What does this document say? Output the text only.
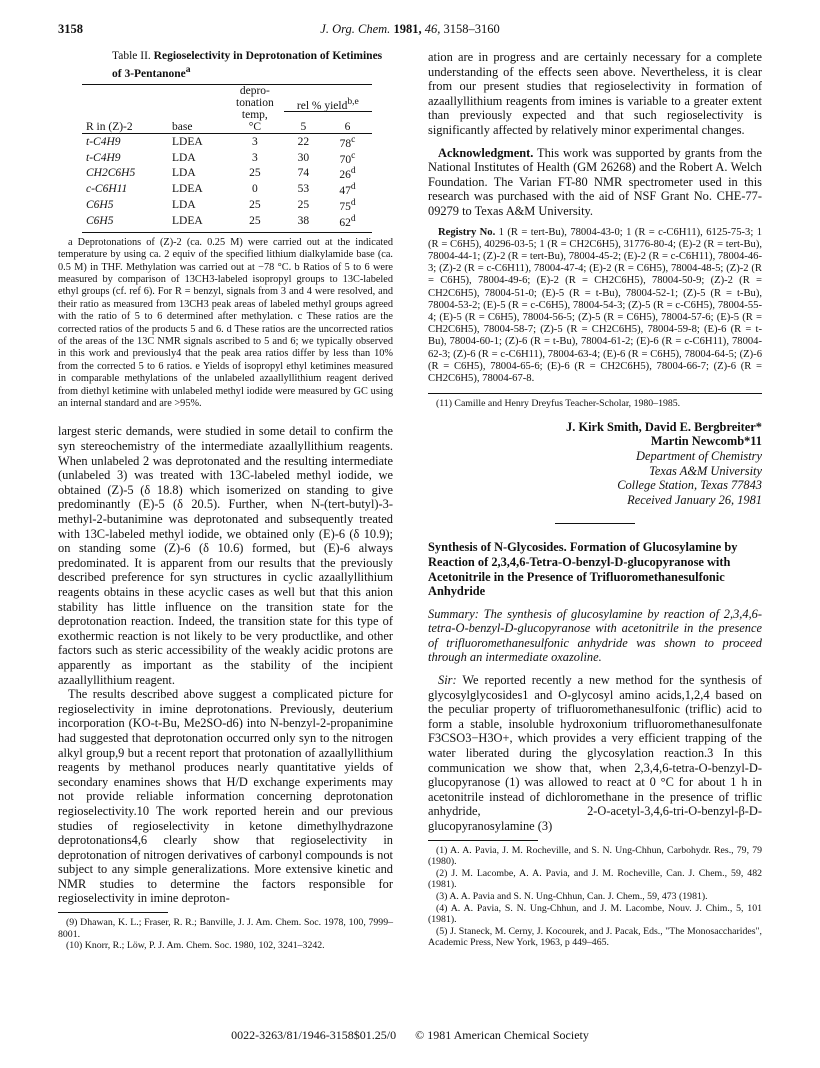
3158	J. Org. Chem. 1981, 46, 3158–3160
Table II. Regioselectivity in Deprotonation of Ketimines of 3-Pentanone$^a$
R in (Z)-2	base	depro-
tonation
temp,
°C	rel % yield$^{b,e}$
			5	6
t-C4H9	LDEA	3	22	78$^c$
t-C4H9	LDA	3	30	70$^c$
CH2C6H5	LDA	25	74	26$^d$
c-C6H11	LDEA	0	53	47$^d$
C6H5	LDA	25	25	75$^d$
C6H5	LDEA	25	38	62$^d$

a Deprotonations of (Z)-2 (ca. 0.25 M) were carried out at the indicated temperature by using ca. 2 equiv of the specified lithium dialkylamide base (ca. 0.5 M) in THF. Methylation was carried out at −78 °C. b Ratios of 5 to 6 were measured by comparison of 13CH3-labeled isopropyl groups to 13C-labeled ethyl groups (cf. ref 6). For R = benzyl, signals from 3 and 4 were resolved, and their ratio as measured from 13CH3 peak areas of labeled methyl groups agreed with the ratio of 5 to 6 determined after methylation. c These ratios are the corrected ratios of the products 5 and 6. d These ratios are the uncorrected ratios of the areas of the 13C NMR signals ascribed to 5 and 6; we typically observed in this work and previously4 that the peak area ratios differ by less than 10% from the corrected 5 to 6 ratios. e Yields of isopropyl ethyl ketimines measured in comparable methylations of the unlabeled azaallyllithium reagent derived from diethyl ketimine with unlabeled methyl iodide were measured by GC using an internal standard and are >95%.

largest steric demands, were studied in some detail to confirm the syn stereochemistry of the intermediate azaallyllithium reagents. When unlabeled 2 was deprotonated and the resulting intermediate (unlabeled 3) was treated with 13C-labeled methyl iodide, we obtained (Z)-5 (δ 18.8) which isomerized on standing to give predominantly (E)-5 (δ 20.5). Further, when N-(tert-butyl)-3-methyl-2-butanimine was deprotonated and subsequently treated with 13C-labeled methyl iodide, we obtained only (E)-6 (δ 10.9); on standing some (Z)-6 (δ 10.6) formed, but (E)-6 always predominated. It is apparent from our results that the previously described preference for syn structures in cyclic azaallyllithium reagents obtains in these acyclic cases as well but that this anion stability has little influence on the transition state for the deprotonation reaction. Indeed, the transition state for this type of exothermic reaction is not likely to be very productlike, and other factors such as steric accessibility of the weakly acidic protons are apparently as important as the stability of the incipient azaallyllithium reagent.

The results described above suggest a complicated picture for regioselectivity in imine deprotonations. Previously, deuterium incorporation (KO-t-Bu, Me2SO-d6) into N-benzyl-2-propanimine had suggested that deprotonation occurred only syn to the nitrogen alkyl group,9 but a recent report that protonation of azaallyllithium reagents by methanol produces nearly quantitative yields of secondary enamines shows that H/D exchange experiments may not provide reliable information concerning deprotonation regioselectivity.10 The work reported herein and our previous studies of regioselectivity in ketone dimethylhydrazone deprotonations4,6 clearly show that regioselectivity in deprotonation of nitrogen derivatives of carbonyl compounds is not subject to any simple generalizations. More extensive kinetic and NMR studies to determine the factors responsible for regioselectivity in imine deproton-

(9) Dhawan, K. L.; Fraser, R. R.; Banville, J. J. Am. Chem. Soc. 1978, 100, 7999–8001.

(10) Knorr, R.; Löw, P. J. Am. Chem. Soc. 1980, 102, 3241–3242.

ation are in progress and are certainly necessary for a complete understanding of the effects seen above. Nevertheless, it is clear from our present studies that regioselectivity in formation of azaallyllithium reagents from imines is variable to a greater extent than previously expected and that such regioselectivity is significantly affected by relatively minor experimental changes.

Acknowledgment. This work was supported by grants from the National Institutes of Health (GM 26268) and the Robert A. Welch Foundation. The Varian FT-80 NMR spectrometer used in this research was purchased with the aid of NSF Grant No. CHE-77-09279 to Texas A&M University.

Registry No. 1 (R = tert-Bu), 78004-43-0; 1 (R = c-C6H11), 6125-75-3; 1 (R = C6H5), 40296-03-5; 1 (R = CH2C6H5), 31776-80-4; (E)-2 (R = tert-Bu), 78004-44-1; (Z)-2 (R = tert-Bu), 78004-45-2; (E)-2 (R = c-C6H11), 78004-46-3; (Z)-2 (R = c-C6H11), 78004-47-4; (E)-2 (R = C6H5), 78004-48-5; (Z)-2 (R = C6H5), 78004-49-6; (E)-2 (R = CH2C6H5), 78004-50-9; (Z)-2 (R = CH2C6H5), 78004-51-0; (E)-5 (R = t-Bu), 78004-52-1; (Z)-5 (R = t-Bu), 78004-53-2; (E)-5 (R = c-C6H5), 78004-54-3; (Z)-5 (R = c-C6H5), 78004-55-4; (E)-5 (R = C6H5), 78004-56-5; (Z)-5 (R = C6H5), 78004-57-6; (E)-5 (R = CH2C6H5), 78004-58-7; (Z)-5 (R = CH2C6H5), 78004-59-8; (E)-6 (R = t-Bu), 78004-60-1; (Z)-6 (R = t-Bu), 78004-61-2; (E)-6 (R = c-C6H11), 78004-62-3; (Z)-6 (R = c-C6H11), 78004-63-4; (E)-6 (R = C6H5), 78004-64-5; (Z)-6 (R = C6H5), 78004-65-6; (E)-6 (R = CH2C6H5), 78004-66-7; (Z)-6 (R = CH2C6H5), 78004-67-8.

(11) Camille and Henry Dreyfus Teacher-Scholar, 1980–1985.

J. Kirk Smith, David E. Bergbreiter*

Martin Newcomb*11

Department of Chemistry

Texas A&M University

College Station, Texas 77843

Received January 26, 1981

Synthesis of N-Glycosides. Formation of Glucosylamine by Reaction of 2,3,4,6-Tetra-O-benzyl-D-glucopyranose with Acetonitrile in the Presence of Trifluoromethanesulfonic Anhydride

Summary: The synthesis of glucosylamine by reaction of 2,3,4,6-tetra-O-benzyl-D-glucopyranose with acetonitrile in the presence of trifluoromethanesulfonic anhydride was shown to proceed through an intermediate oxazoline.

Sir: We reported recently a new method for the synthesis of glycosylglycosides1 and O-glycosyl amino acids,1,2,4 based on the peculiar property of trifluoromethanesulfonic (triflic) acid to form a stable, insoluble hydroxonium trifluoromethanesulfonate F3CSO3−H3O+, which provides a very efficient trapping of the water liberated during the glycosylation reaction.3 In this communication we show that, when 2,3,4,6-tetra-O-benzyl-D-glucopyranose (1) was allowed to react at 0 °C for about 1 h in acetonitrile instead of dichloromethane in the presence of triflic anhydride, 2-O-acetyl-3,4,6-tri-O-benzyl-β-D-glucopyranosylamine (3)

(1) A. A. Pavia, J. M. Rocheville, and S. N. Ung-Chhun, Carbohydr. Res., 79, 79 (1980).

(2) J. M. Lacombe, A. A. Pavia, and J. M. Rocheville, Can. J. Chem., 59, 482 (1981).

(3) A. A. Pavia and S. N. Ung-Chhun, Can. J. Chem., 59, 473 (1981).

(4) A. A. Pavia, S. N. Ung-Chhun, and J. M. Lacombe, Nouv. J. Chim., 5, 101 (1981).

(5) J. Staneck, M. Cerny, J. Kocourek, and J. Pacak, Eds., "The Monosaccharides", Academic Press, New York, 1963, p 449–465.

0022-3263/81/1946-3158$01.25/0 © 1981 American Chemical Society
